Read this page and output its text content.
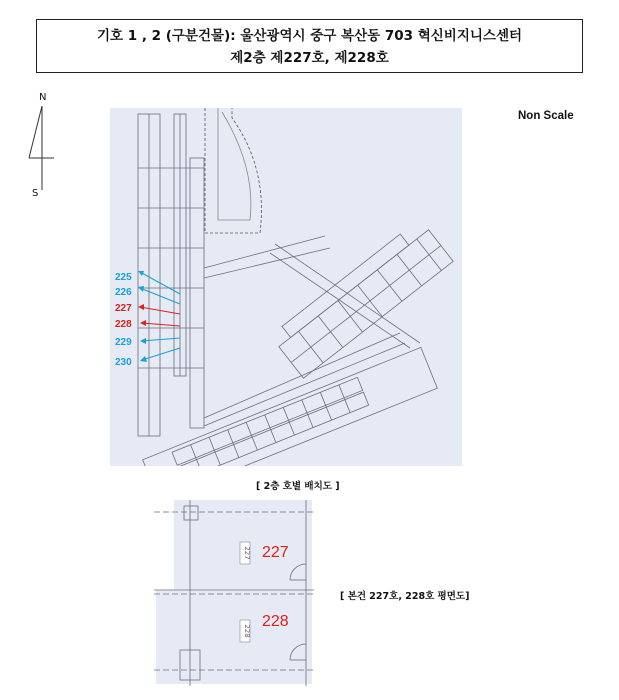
기호 1 , 2 (구분건물): 울산광역시 중구 복산동 703 혁신비지니스센터
제2층 제227호, 제228호
N
S
Non Scale
225
226
227
228
229
230
[ 2층 호별 배치도 ]
227
228
227
228
[ 본건 227호, 228호 평면도]
